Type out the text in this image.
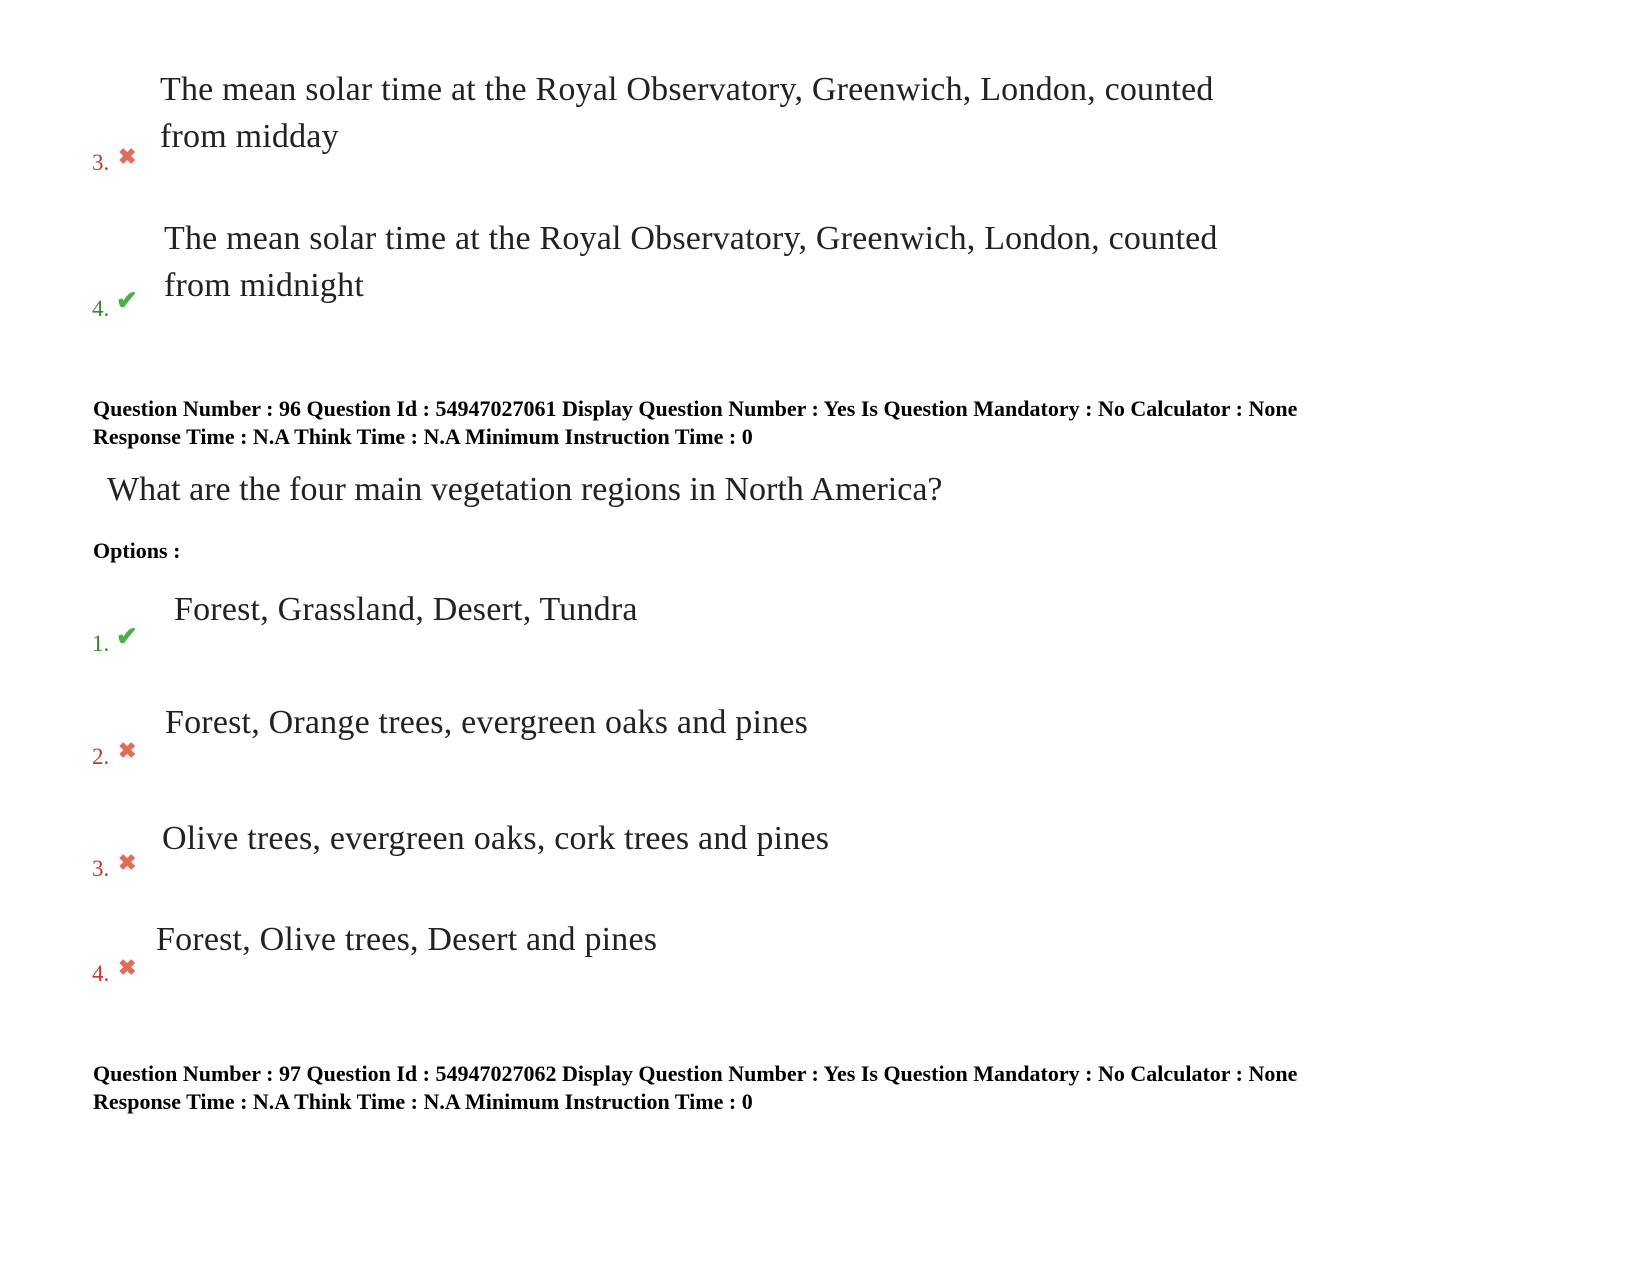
The mean solar time at the Royal Observatory, Greenwich, London, counted
from midday
3. ✖
The mean solar time at the Royal Observatory, Greenwich, London, counted
from midnight
4. ✔
Question Number : 96 Question Id : 54947027061 Display Question Number : Yes Is Question Mandatory : No Calculator : None
Response Time : N.A Think Time : N.A Minimum Instruction Time : 0
What are the four main vegetation regions in North America?
Options :
Forest, Grassland, Desert, Tundra
1. ✔
Forest, Orange trees, evergreen oaks and pines
2. ✖
Olive trees, evergreen oaks, cork trees and pines
3. ✖
Forest, Olive trees, Desert and pines
4. ✖
Question Number : 97 Question Id : 54947027062 Display Question Number : Yes Is Question Mandatory : No Calculator : None
Response Time : N.A Think Time : N.A Minimum Instruction Time : 0
